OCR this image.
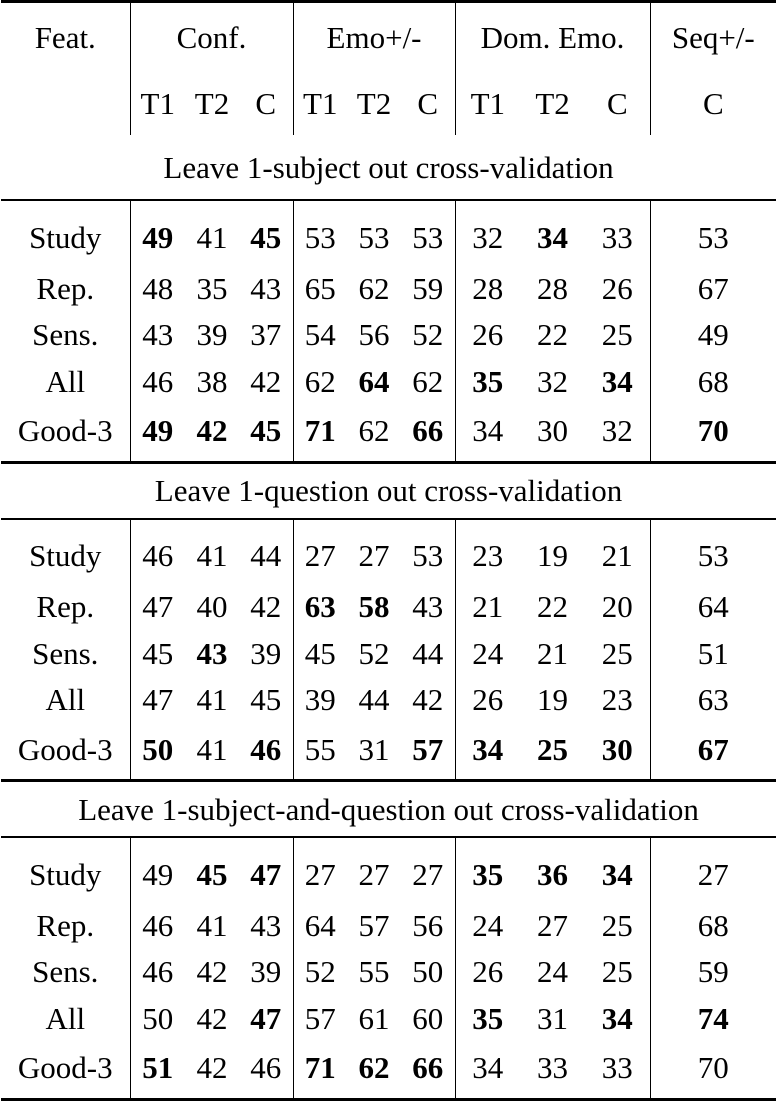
Feat.	Conf.			Emo+/-			Dom. Emo.			Seq+/-
	T1	T2	C	T1	T2	C	T1	T2	C	C
Leave 1-subject out cross-validation										
Study	49	41	45	53	53	53	32	34	33	53
Rep.	48	35	43	65	62	59	28	28	26	67
Sens.	43	39	37	54	56	52	26	22	25	49
All	46	38	42	62	64	62	35	32	34	68
Good-3	49	42	45	71	62	66	34	30	32	70
Leave 1-question out cross-validation										
Study	46	41	44	27	27	53	23	19	21	53
Rep.	47	40	42	63	58	43	21	22	20	64
Sens.	45	43	39	45	52	44	24	21	25	51
All	47	41	45	39	44	42	26	19	23	63
Good-3	50	41	46	55	31	57	34	25	30	67
Leave 1-subject-and-question out cross-validation										
Study	49	45	47	27	27	27	35	36	34	27
Rep.	46	41	43	64	57	56	24	27	25	68
Sens.	46	42	39	52	55	50	26	24	25	59
All	50	42	47	57	61	60	35	31	34	74
Good-3	51	42	46	71	62	66	34	33	33	70
